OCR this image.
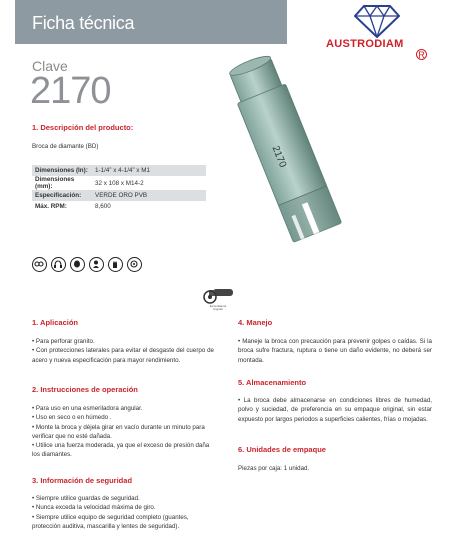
Ficha técnica
AUSTRODIAM
R
Clave
2170
1. Descripción del producto:
Broca de diamante (BD)
Dimensiones (In):	1-1/4” x 4-1/4” x M1
Dimensiones (mm):	32 x 108 x M14-2
Especificación:	VERDE ORO PVB
Máx. RPM:	8,600
2170
Esmeriladora
Angular
1. Aplicación
• Para perforar granito.
• Con protecciones laterales para evitar el desgaste del cuerpo de acero y nueva especificación para mayor rendimiento.
2. Instrucciones de operación
• Para uso en una esmeriladora angular.
• Uso en seco o en húmedo .
• Monte la broca y déjela girar en vacío durante un minuto para verificar que no esté dañada.
• Utilice una fuerza moderada, ya que el exceso de presión daña los diamantes.
3. Información de seguridad
• Siempre utilice guardas de seguridad.
• Nunca exceda la velocidad máxima de giro.
• Siempre utilice equipo de seguridad completo (guantes, protección auditiva, mascarilla y lentes de seguridad).
4. Manejo
• Maneje la broca con precaución para prevenir golpes o caídas. Si la broca sufre fractura, ruptura o tiene un daño evidente, no deberá ser montada.
5. Almacenamiento
• La broca debe almacenarse en condiciones libres de humedad, polvo y suciedad, de preferencia en su empaque original, sin estar expuesto por largos periodos a superficies calientes, frías o mojadas.
6. Unidades de empaque
Piezas por caja: 1 unidad.
